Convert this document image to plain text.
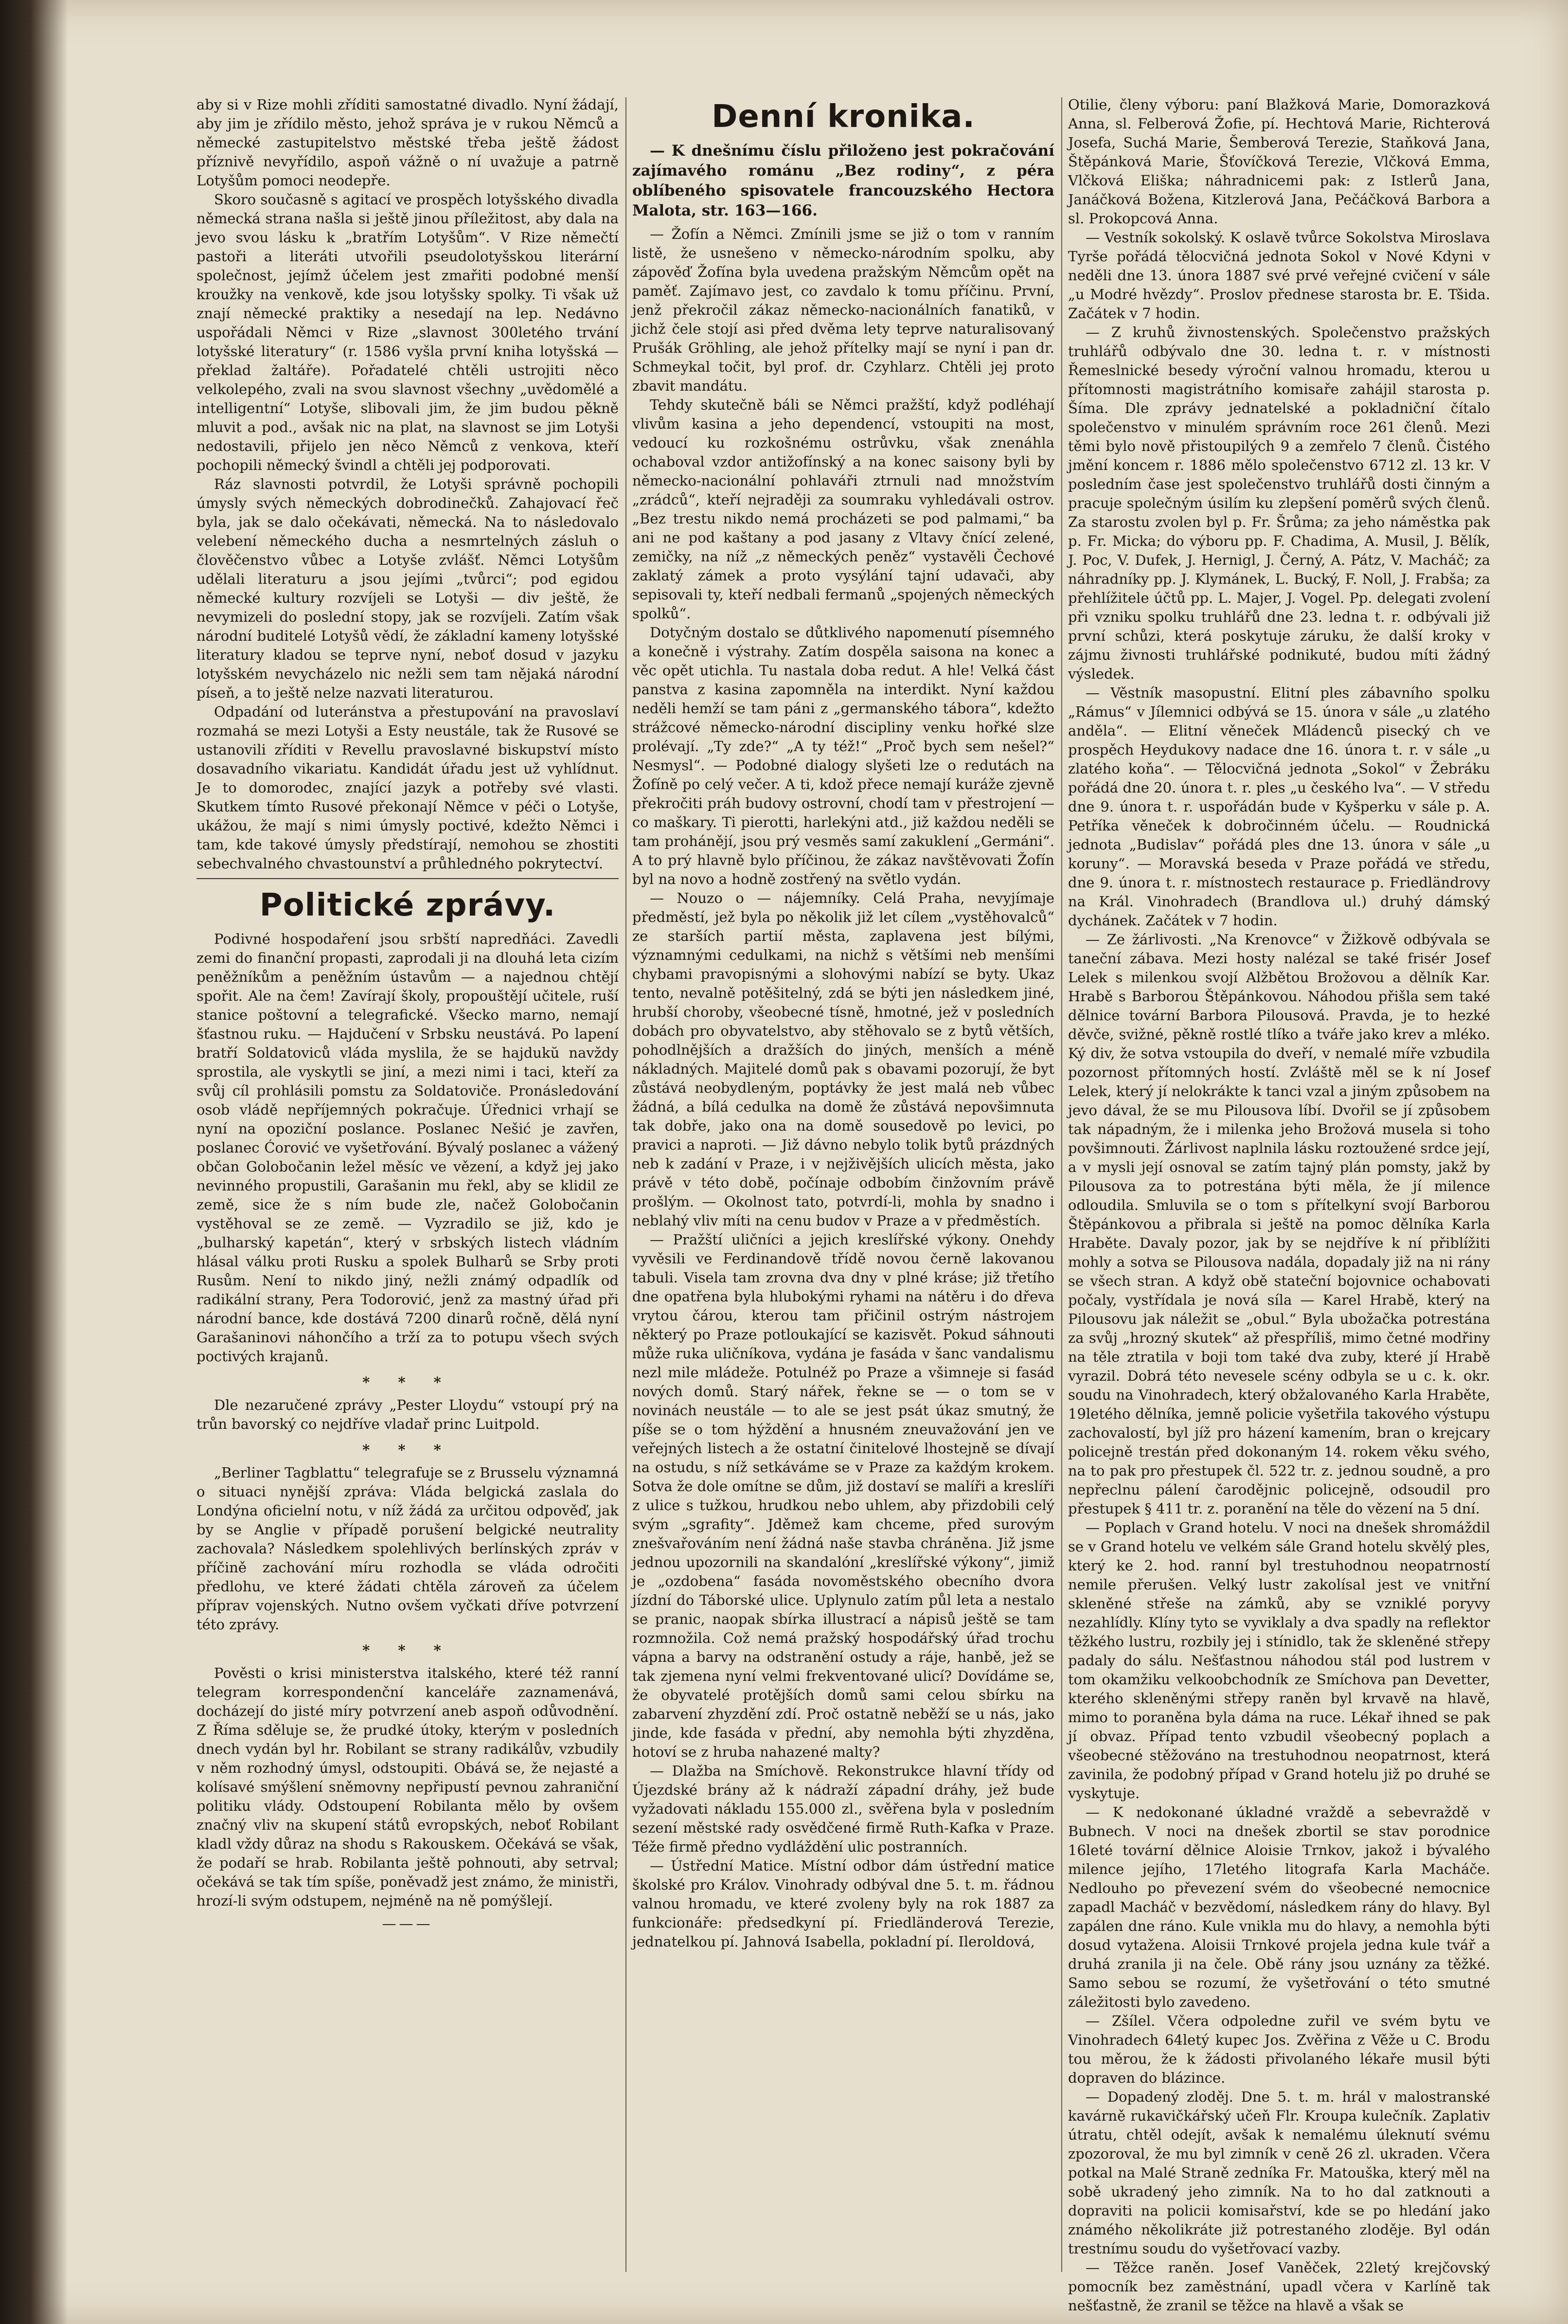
aby si v Rize mohli zříditi samostatné divadlo. Nyní žádají, aby jim je zřídilo město, jehož správa je v rukou Němců a německé zastupitelstvo městské třeba ještě žádost příznivě nevyřídilo, aspoň vážně o ní uvažuje a patrně Lotyšům pomoci neodepře.

Skoro současně s agitací ve prospěch lotyšského divadla německá strana našla si ještě jinou příležitost, aby dala na jevo svou lásku k „bratřím Lotyšům“. V Rize němečtí pastoři a literáti utvořili pseudolotyšskou literární společnost, jejímž účelem jest zmařiti podobné menší kroužky na venkově, kde jsou lotyšsky spolky. Ti však už znají německé praktiky a nesedají na lep. Nedávno uspořádali Němci v Rize „slavnost 300letého trvání lotyšské literatury“ (r. 1586 vyšla první kniha lotyšská — překlad žaltáře). Pořadatelé chtěli ustrojiti něco velkolepého, zvali na svou slavnost všechny „uvědomělé a intelligentní“ Lotyše, slibovali jim, že jim budou pěkně mluvit a pod., avšak nic na plat, na slavnost se jim Lotyši nedostavili, přijelo jen něco Němců z venkova, kteří pochopili německý švindl a chtěli jej podporovati.

Ráz slavnosti potvrdil, že Lotyši správně pochopili úmysly svých německých dobrodinečků. Zahajovací řeč byla, jak se dalo očekávati, německá. Na to následovalo velebení německého ducha a nesmrtelných zásluh o člověčenstvo vůbec a Lotyše zvlášť. Němci Lotyšům udělali literaturu a jsou jejími „tvůrci“; pod egidou německé kultury rozvíjeli se Lotyši — div ještě, že nevymizeli do poslední stopy, jak se rozvíjeli. Zatím však národní buditelé Lotyšů vědí, že základní kameny lotyšské literatury kladou se teprve nyní, neboť dosud v jazyku lotyšském nevycházelo nic nežli sem tam nějaká národní píseň, a to ještě nelze nazvati literaturou.

Odpadání od luteránstva a přestupování na pravoslaví rozmahá se mezi Lotyši a Esty neustále, tak že Rusové se ustanovili zříditi v Revellu pravoslavné biskupství místo dosavadního vikariatu. Kandidát úřadu jest už vyhlídnut. Je to domorodec, znající jazyk a potřeby své vlasti. Skutkem tímto Rusové překonají Němce v péči o Lotyše, ukážou, že mají s nimi úmysly poctivé, kdežto Němci i tam, kde takové úmysly předstírají, nemohou se zhostiti sebechvalného chvastounství a průhledného pokrytectví.

Politické zprávy.

Podivné hospodaření jsou srbští napredňáci. Zavedli zemi do finanční propasti, zaprodali ji na dlouhá leta cizím peněžníkům a peněžním ústavům — a najednou chtějí spořit. Ale na čem! Zavírají školy, propouštějí učitele, ruší stanice poštovní a telegrafické. Všecko marno, nemají šťastnou ruku. — Hajdučení v Srbsku neustává. Po lapení bratří Soldatoviců vláda myslila, že se hajdukŭ navždy sprostila, ale vyskytli se jiní, a mezi nimi i taci, kteří za svůj cíl prohlásili pomstu za Soldatoviče. Pronásledování osob vládě nepříjemných pokračuje. Úřednici vrhají se nyní na opoziční poslance. Poslanec Nešić je zavřen, poslanec Ćorović ve vyšetřování. Bývalý poslanec a vážený občan Golobočanin ležel měsíc ve vězení, a když jej jako nevinného propustili, Garašanin mu řekl, aby se klidil ze země, sice že s ním bude zle, načež Golobočanin vystěhoval se ze země. — Vyzradilo se již, kdo je „bulharský kapetán“, který v srbských listech vládním hlásal válku proti Rusku a spolek Bulharů se Srby proti Rusům. Není to nikdo jiný, nežli známý odpadlík od radikální strany, Pera Todorović, jenž za mastný úřad při národní bance, kde dostává 7200 dinarů ročně, dělá nyní Garašaninovi náhončího a trží za to potupu všech svých poctivých krajanů.

* * *

Dle nezaručené zprávy „Pester Lloydu“ vstoupí prý na trůn bavorský co nejdříve vladař princ Luitpold.

* * *

„Berliner Tagblattu“ telegrafuje se z Brusselu významná o situaci nynější zpráva: Vláda belgická zaslala do Londýna oficielní notu, v níž žádá za určitou odpověď, jak by se Anglie v případě porušení belgické neutrality zachovala? Následkem spolehlivých berlínských zpráv v příčině zachování míru rozhodla se vláda odročiti předlohu, ve které žádati chtěla zároveň za účelem příprav vojenských. Nutno ovšem vyčkati dříve potvrzení této zprávy.

* * *

Pověsti o krisi ministerstva italského, které též ranní telegram korrespondenční kanceláře zaznamenává, docházejí do jisté míry potvrzení aneb aspoň odůvodnění. Z Říma sděluje se, že prudké útoky, kterým v posledních dnech vydán byl hr. Robilant se strany radikálův, vzbudily v něm rozhodný úmysl, odstoupiti. Obává se, že nejasté a kolísavé smýšlení sněmovny nepřipustí pevnou zahraniční politiku vlády. Odstoupení Robilanta mělo by ovšem značný vliv na skupení států evropských, neboť Robilant kladl vždy důraz na shodu s Rakouskem. Očekává se však, že podaří se hrab. Robilanta ještě pohnouti, aby setrval; očekává se tak tím spíše, poněvadž jest známo, že ministři, hrozí-li svým odstupem, nejméně na ně pomýšlejí.

———
Denní kronika.
— K dnešnímu číslu přiloženo jest pokračování zajímavého románu „Bez rodiny“, z péra oblíbeného spisovatele francouzského Hectora Malota, str. 163—166.

— Žofín a Němci. Zmínili jsme se již o tom v ranním listě, že usnešeno v německo-národním spolku, aby zápověď Žofína byla uvedena pražským Němcům opět na paměť. Zajímavo jest, co zavdalo k tomu příčinu. První, jenž překročil zákaz německo-nacionálních fanatiků, v jichž čele stojí asi před dvěma lety teprve naturalisovaný Prušák Gröhling, ale jehož přítelky mají se nyní i pan dr. Schmeykal točit, byl prof. dr. Czyhlarz. Chtěli jej proto zbavit mandátu.

Tehdy skutečně báli se Němci pražští, když podléhají vlivům kasina a jeho dependencí, vstoupiti na most, vedoucí ku rozkošnému ostrůvku, však znenáhla ochaboval vzdor antižofínský a na konec saisony byli by německo-nacionální pohlaváři ztrnuli nad množstvím „zrádců“, kteří nejraději za soumraku vyhledávali ostrov. „Bez trestu nikdo nemá procházeti se pod palmami,“ ba ani ne pod kaštany a pod jasany z Vltavy čnící zelené, zemičky, na níž „z německých peněz“ vystavěli Čechové zaklatý zámek a proto vysýlání tajní udavači, aby sepisovali ty, kteří nedbali fermanů „spojených německých spolků“.

Dotyčným dostalo se důtklivého napomenutí písemného a konečně i výstrahy. Zatím dospěla saisona na konec a věc opět utichla. Tu nastala doba redut. A hle! Velká část panstva z kasina zapomněla na interdikt. Nyní každou neděli hemží se tam páni z „germanského tábora“, kdežto strážcové německo-národní discipliny venku hořké slze prolévají. „Ty zde?“ „A ty též!“ „Proč bych sem nešel?“ Nesmysl“. — Podobné dialogy slyšeti lze o redutách na Žofíně po celý večer. A ti, kdož přece nemají kuráže zjevně překročiti práh budovy ostrovní, chodí tam v přestrojení — co maškary. Ti pierotti, harlekýni atd., již každou neděli se tam prohánějí, jsou prý vesměs samí zakuklení „Germáni“. A to prý hlavně bylo příčinou, že zákaz navštěvovati Žofín byl na novo a hodně zostřený na světlo vydán.

— Nouzo o — nájemníky. Celá Praha, nevyjímaje předměstí, jež byla po několik již let cílem „vystěhovalců“ ze starších partií města, zaplavena jest bílými, významnými cedulkami, na nichž s většími neb menšími chybami pravopisnými a slohovými nabízí se byty. Ukaz tento, nevalně potěšitelný, zdá se býti jen následkem jiné, hrubší choroby, všeobecné tísně, hmotné, jež v posledních dobách pro obyvatelstvo, aby stěhovalo se z bytů větších, pohodlnějších a dražších do jiných, menších a méně nákladných. Majitelé domů pak s obavami pozorují, že byt zůstává neobydleným, poptávky že jest malá neb vůbec žádná, a bílá cedulka na domě že zůstává nepovšimnuta tak dobře, jako ona na domě sousedově po levici, po pravici a naproti. — Již dávno nebylo tolik bytů prázdných neb k zadání v Praze, i v nejživějších ulicích města, jako právě v této době, počínaje odbobím činžovním právě prošlým. — Okolnost tato, potvrdí-li, mohla by snadno i neblahý vliv míti na cenu budov v Praze a v předměstích.

— Pražští uličníci a jejich kreslířské výkony. Onehdy vyvěsili ve Ferdinandově třídě novou černě lakovanou tabuli. Visela tam zrovna dva dny v plné kráse; již třetího dne opatřena byla hlubokými ryhami na nátěru i do dřeva vrytou čárou, kterou tam přičinil ostrým nástrojem některý po Praze potloukající se kazisvět. Pokud sáhnouti může ruka uličníkova, vydána je fasáda v šanc vandalismu nezl mile mládeže. Potulnéž po Praze a všimneje si fasád nových domů. Starý nářek, řekne se — o tom se v novinách neustále — to ale se jest psát úkaz smutný, že píše se o tom hýždění a hnusném zneuvažování jen ve veřejných listech a že ostatní činitelové lhostejně se dívají na ostudu, s níž setkáváme se v Praze za každým krokem. Sotva že dole omítne se dům, již dostaví se malíři a kreslíři z ulice s tužkou, hrudkou nebo uhlem, aby přizdobili celý svým „sgrafity“. Jděmež kam chceme, před surovým znešvařováním není žádná naše stavba chráněna. Již jsme jednou upozornili na skandalóní „kreslířské výkony“, jimiž je „ozdobena“ fasáda novoměstského obecního dvora jízdní do Táborské ulice. Uplynulo zatím půl leta a nestalo se pranic, naopak sbírka illustrací a nápisů ještě se tam rozmnožila. Což nemá pražský hospodářský úřad trochu vápna a barvy na odstranění ostudy a ráje, hanbě, jež se tak zjemena nyní velmi frekventované ulicí? Dovídáme se, že obyvatelé protějších domů sami celou sbírku na zabarvení zhyzdění zdí. Proč ostatně neběží se u nás, jako jinde, kde fasáda v přední, aby nemohla býti zhyzděna, hotoví se z hruba nahazené malty?

— Dlažba na Smíchově. Rekonstrukce hlavní třídy od Újezdské brány až k nádraží západní dráhy, jež bude vyžadovati nákladu 155.000 zl., svěřena byla v posledním sezení městské rady osvědčené firmě Ruth-Kafka v Praze. Téže firmě předno vydláždění ulic postranních.

— Ústřední Matice. Místní odbor dám ústřední matice školské pro Králov. Vinohrady odbýval dne 5. t. m. řádnou valnou hromadu, ve které zvoleny byly na rok 1887 za funkcionáře: předsedkyní pí. Friedländerová Terezie, jednatelkou pí. Jahnová Isabella, pokladní pí. Ileroldová,

Otilie, členy výboru: paní Blažková Marie, Domorazková Anna, sl. Felberová Žofie, pí. Hechtová Marie, Richterová Josefa, Suchá Marie, Šemberová Terezie, Staňková Jana, Štěpánková Marie, Šťovíčková Terezie, Vlčková Emma, Vlčková Eliška; náhradnicemi pak: z Istlerů Jana, Janáčková Božena, Kitzlerová Jana, Pečáčková Barbora a sl. Prokopcová Anna.

— Vestník sokolský. K oslavě tvůrce Sokolstva Miroslava Tyrše pořádá tělocvičná jednota Sokol v Nové Kdyni v neděli dne 13. února 1887 své prvé veřejné cvičení v sále „u Modré hvězdy“. Proslov přednese starosta br. E. Tšida. Začátek v 7 hodin.

— Z kruhů živnostenských. Společenstvo pražských truhlářů odbývalo dne 30. ledna t. r. v místnosti Řemeslnické besedy výroční valnou hromadu, kterou u přítomnosti magistrátního komisaře zahájil starosta p. Šíma. Dle zprávy jednatelské a pokladniční čítalo společenstvo v minulém správním roce 261 členů. Mezi těmi bylo nově přistoupilých 9 a zemřelo 7 členů. Čistého jmění koncem r. 1886 mělo společenstvo 6712 zl. 13 kr. V posledním čase jest společenstvo truhlářů dosti činným a pracuje společným úsilím ku zlepšení poměrů svých členů. Za starostu zvolen byl p. Fr. Šrůma; za jeho náměstka pak p. Fr. Micka; do výboru pp. F. Chadima, A. Musil, J. Bělík, J. Poc, V. Dufek, J. Hernigl, J. Černý, A. Pátz, V. Macháč; za náhradníky pp. J. Klymánek, L. Bucký, F. Noll, J. Frabša; za přehlížitele účtů pp. L. Majer, J. Vogel. Pp. delegati zvolení při vzniku spolku truhlářů dne 23. ledna t. r. odbývali již první schůzi, která poskytuje záruku, že další kroky v zájmu živnosti truhlářské podnikuté, budou míti žádný výsledek.

— Věstník masopustní. Elitní ples zábavního spolku „Rámus“ v Jílemnici odbývá se 15. února v sále „u zlatého anděla“. — Elitní věneček Mládenců pisecký ch ve prospěch Heydukovy nadace dne 16. února t. r. v sále „u zlatého koňa“. — Tělocvičná jednota „Sokol“ v Žebráku pořádá dne 20. února t. r. ples „u českého lva“. — V středu dne 9. února t. r. uspořádán bude v Kyšperku v sále p. A. Petříka věneček k dobročinném účelu. — Roudnická jednota „Budislav“ pořádá ples dne 13. února v sále „u koruny“. — Moravská beseda v Praze pořádá ve středu, dne 9. února t. r. místnostech restaurace p. Friedländrovy na Král. Vinohradech (Brandlova ul.) druhý dámský dychánek. Začátek v 7 hodin.

— Ze žárlivosti. „Na Krenovce“ v Žižkově odbývala se taneční zábava. Mezi hosty nalézal se také frisér Josef Lelek s milenkou svojí Alžbětou Brožovou a dělník Kar. Hrabě s Barborou Štěpánkovou. Náhodou přišla sem také dělnice tovární Barbora Pilousová. Pravda, je to hezké děvče, svižné, pěkně rostlé tlíko a tváře jako krev a mléko. Ký div, že sotva vstoupila do dveří, v nemalé míře vzbudila pozornost přítomných hostí. Zvláště měl se k ní Josef Lelek, který jí nelokrákte k tanci vzal a jiným způsobem na jevo dával, že se mu Pilousova líbí. Dvořil se jí způsobem tak nápadným, že i milenka jeho Brožová musela si toho povšimnouti. Žárlivost naplnila lásku roztoužené srdce její, a v mysli její osnoval se zatím tajný plán pomsty, jakž by Pilousova za to potrestána býti měla, že jí milence odloudila. Smluvila se o tom s přítelkyní svojí Barborou Štěpánkovou a přibrala si ještě na pomoc dělníka Karla Hraběte. Davaly pozor, jak by se nejdříve k ní přiblížiti mohly a sotva se Pilousova nadála, dopadaly již na ni rány se všech stran. A když obě stateční bojovnice ochabovati počaly, vystřídala je nová síla — Karel Hrabě, který na Pilousovu jak náležit se „obul.“ Byla ubožačka potrestána za svůj „hrozný skutek“ až přespříliš, mimo četné modřiny na těle ztratila v boji tom také dva zuby, které jí Hrabě vyrazil. Dobrá této nevesele scény odbyla se u c. k. okr. soudu na Vinohradech, který obžalovaného Karla Hraběte, 19letého dělníka, jemně policie vyšetřila takového výstupu zachovalostí, byl jíž pro házení kamením, bran o krejcary policejně trestán před dokonaným 14. rokem věku svého, na to pak pro přestupek čl. 522 tr. z. jednou soudně, a pro nepřeclnu pálení čarodějnic policejně, odsoudil pro přestupek § 411 tr. z. poranění na těle do vězení na 5 dní.

— Poplach v Grand hotelu. V noci na dnešek shromáždil se v Grand hotelu ve velkém sále Grand hotelu skvělý ples, který ke 2. hod. ranní byl trestuhodnou neopatrností nemile přerušen. Velký lustr zakolísal jest ve vnitřní skleněné střeše na zámků, aby se vzniklé poryvy nezahlídly. Klíny tyto se vyviklaly a dva spadly na reflektor těžkého lustru, rozbily jej i stínidlo, tak že skleněné střepy padaly do sálu. Nešťastnou náhodou stál pod lustrem v tom okamžiku velkoobchodník ze Smíchova pan Devetter, kterého skleněnými střepy raněn byl krvavě na hlavě, mimo to poraněna byla dáma na ruce. Lékař ihned se pak jí obvaz. Případ tento vzbudil všeobecný poplach a všeobecné stěžováno na trestuhodnou neopatrnost, která zavinila, že podobný případ v Grand hotelu již po druhé se vyskytuje.

— K nedokonané úkladné vraždě a sebevraždě v Bubnech. V noci na dnešek zbortil se stav porodnice 16leté tovární dělnice Aloisie Trnkov, jakož i bývalého milence jejího, 17letého litografa Karla Macháče. Nedlouho po převezení svém do všeobecné nemocnice zapadl Macháč v bezvědomí, následkem rány do hlavy. Byl zapálen dne ráno. Kule vnikla mu do hlavy, a nemohla býti dosud vytažena. Aloisii Trnkové projela jedna kule tvář a druhá zranila ji na čele. Obě rány jsou uznány za těžké. Samo sebou se rozumí, že vyšetřování o této smutné záležitosti bylo zavedeno.

— Zšílel. Včera odpoledne zuřil ve svém bytu ve Vinohradech 64letý kupec Jos. Zvěřina z Věže u C. Brodu tou měrou, že k žádosti přivolaného lékaře musil býti dopraven do blázince.

— Dopadený zloděj. Dne 5. t. m. hrál v malostranské kavárně rukavičkářský učeň Flr. Kroupa kulečník. Zaplativ útratu, chtěl odejít, avšak k nemalému úleknutí svému zpozoroval, že mu byl zimník v ceně 26 zl. ukraden. Včera potkal na Malé Straně zedníka Fr. Matouška, který měl na sobě ukradený jeho zimník. Na to ho dal zatknouti a dopraviti na policii komisařství, kde se po hledání jako známého několikráte již potrestaného zloděje. Byl odán trestnímu soudu do vyšetřovací vazby.

— Těžce raněn. Josef Vaněček, 22letý krejčovský pomocník bez zaměstnání, upadl včera v Karlíně tak nešťastně, že zranil se těžce na hlavě a však se
